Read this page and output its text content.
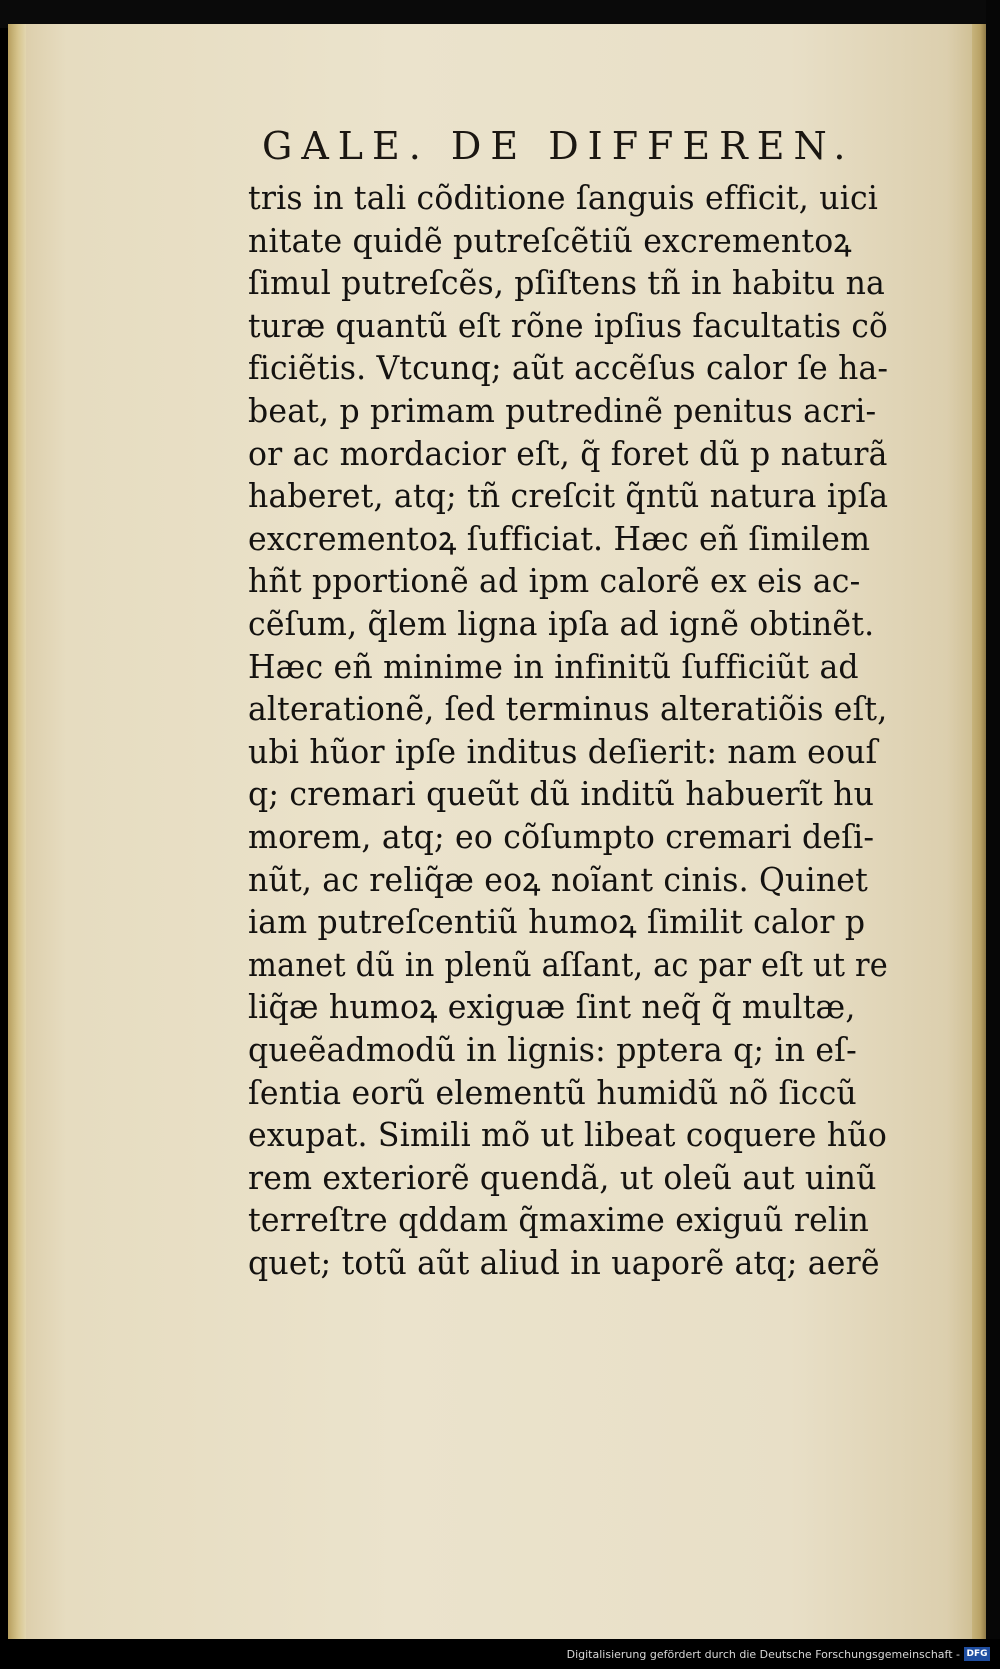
GALE. DE DIFFEREN.
tris in tali cõditione ſanguis efficit, uici
nitate quidẽ putreſcẽtiũ excrementoꝝ
ſimul putreſcẽs, pſiſtens tñ in habitu na
turæ quantũ eſt rõne ipſius facultatis cõ
ficiẽtis. Vtcunq; aũt accẽſus calor ſe ha-
beat, p primam putredinẽ penitus acri-
or ac mordacior eſt, q̃ foret dũ p naturã
haberet, atq; tñ creſcit q̃ntũ natura ipſa
excrementoꝝ ſufficiat. Hæc eñ ſimilem
hñt pportionẽ ad ipm calorẽ ex eis ac-
cẽſum, q̃lem ligna ipſa ad ignẽ obtinẽt.
Hæc eñ minime in infinitũ ſufficiũt ad
alterationẽ, ſed terminus alteratiõis eſt,
ubi hũor ipſe inditus deſierit: nam eouſ
q; cremari queũt dũ inditũ habuerĩt hu
morem, atq; eo cõſumpto cremari deſi-
nũt, ac reliq̃æ eoꝝ noĩant cinis. Quinet
iam putreſcentiũ humoꝝ ſimilit calor p
manet dũ in plenũ aſſant, ac par eſt ut re
liq̃æ humoꝝ exiguæ ſint neq̃ q̃ multæ,
queẽadmodũ in lignis: pptera q; in eſ-
ſentia eorũ elementũ humidũ nõ ſiccũ
exupat. Simili mõ ut libeat coquere hũo
rem exteriorẽ quendã, ut oleũ aut uinũ
terreſtre qddam q̃maxime exiguũ relin
quet; totũ aũt aliud in uaporẽ atq; aerẽ
Digitalisierung gefördert durch die Deutsche Forschungsgemeinschaft - DFG
